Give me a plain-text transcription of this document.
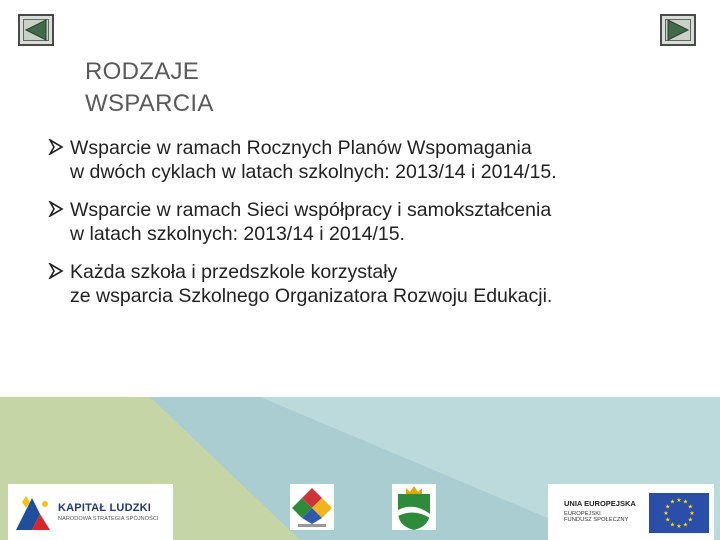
RODZAJE
WSPARCIA
Wsparcie w ramach Rocznych Planów Wspomagania
w dwóch cyklach w latach szkolnych: 2013/14 i 2014/15.
Wsparcie w ramach Sieci współpracy i samokształcenia
w latach szkolnych: 2013/14 i 2014/15.
Każda szkoła i przedszkole korzystały
ze wsparcia Szkolnego Organizatora Rozwoju Edukacji.
KAPITAŁ LUDZKI
NARODOWA STRATEGIA SPÓJNOŚCI
UNIA EUROPEJSKA
EUROPEJSKI
FUNDUSZ SPOŁECZNY
★ ★
★
★
★
★
★
★
★
★
★
★
